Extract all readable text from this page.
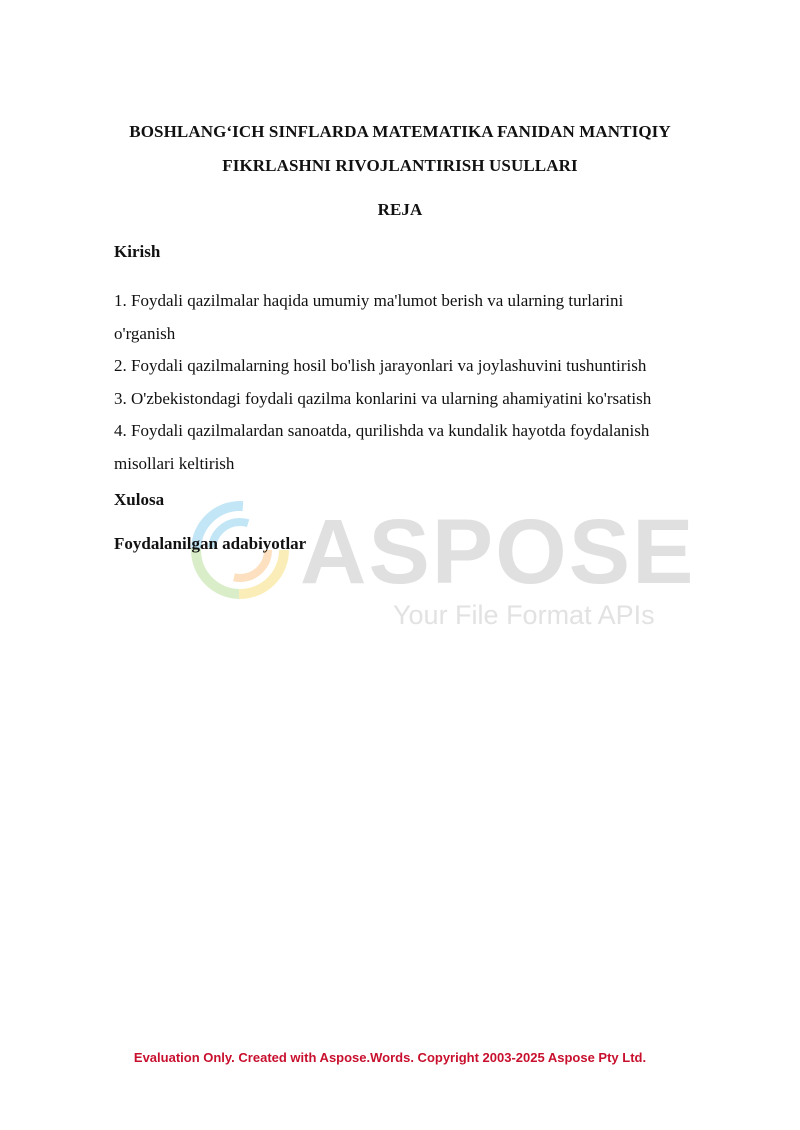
BOSHLANG‘ICH SINFLARDA MATEMATIKA FANIDAN MANTIQIY
FIKRLASHNI RIVOJLANTIRISH USULLARI
REJA
Kirish
1. Foydali qazilmalar haqida umumiy ma'lumot berish va ularning turlarini
o'rganish
2. Foydali qazilmalarning hosil bo'lish jarayonlari va joylashuvini tushuntirish
3. O'zbekistondagi foydali qazilma konlarini va ularning ahamiyatini ko'rsatish
4. Foydali qazilmalardan sanoatda, qurilishda va kundalik hayotda foydalanish
misollari keltirish
Xulosa
ASPOSE
Your File Format APIs
Foydalanilgan adabiyotlar
Evaluation Only. Created with Aspose.Words. Copyright 2003-2025 Aspose Pty Ltd.
